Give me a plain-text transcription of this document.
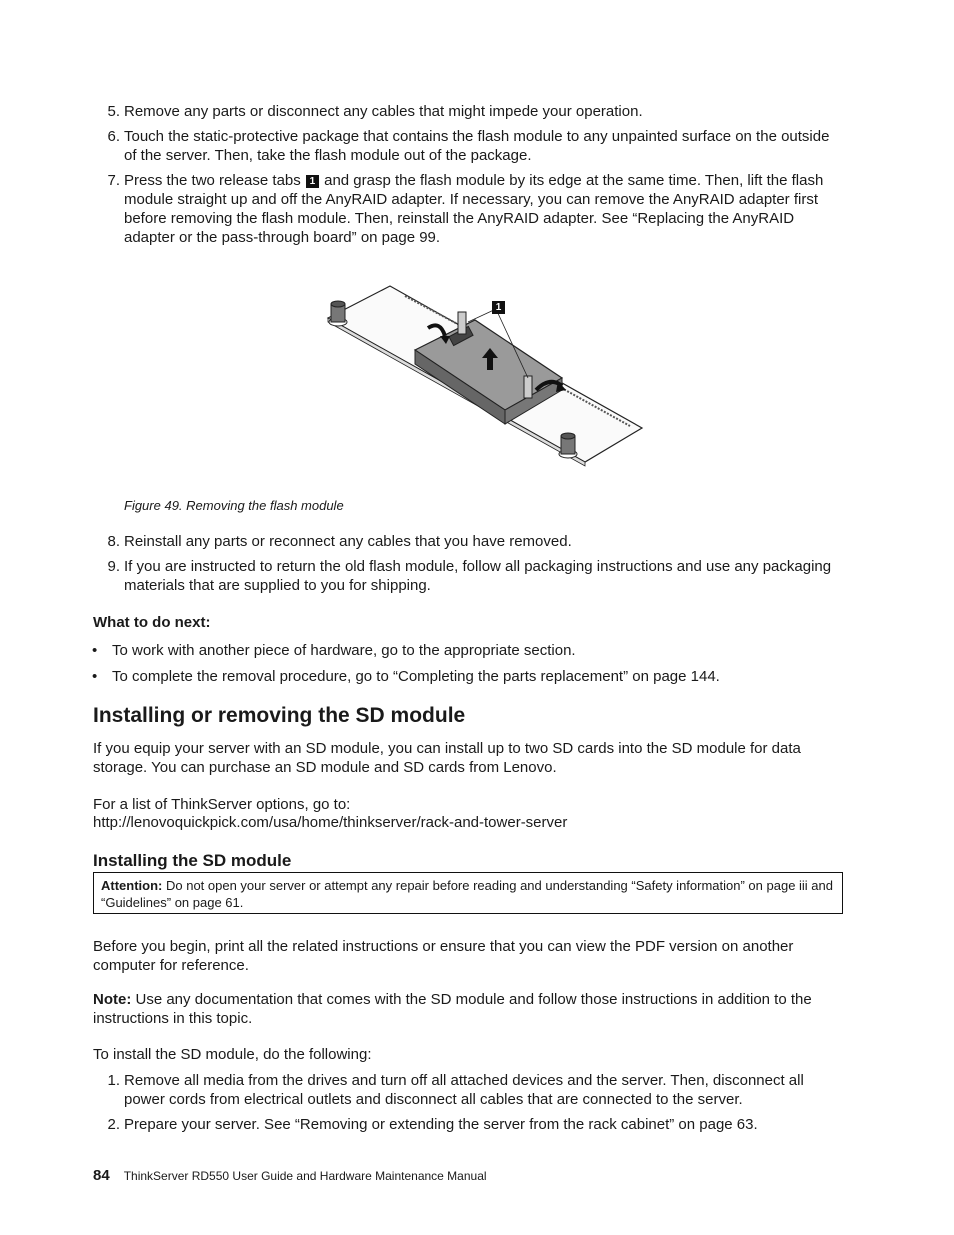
5. Remove any parts or disconnect any cables that might impede your operation.
6. Touch the static-protective package that contains the flash module to any unpainted surface on the outside of the server. Then, take the flash module out of the package.
7. Press the two release tabs 1 and grasp the flash module by its edge at the same time. Then, lift the flash module straight up and off the AnyRAID adapter. If necessary, you can remove the AnyRAID adapter first before removing the flash module. Then, reinstall the AnyRAID adapter. See “Replacing the AnyRAID adapter or the pass-through board” on page 99.
1
Figure 49. Removing the flash module
8. Reinstall any parts or reconnect any cables that you have removed.
9. If you are instructed to return the old flash module, follow all packaging instructions and use any packaging materials that are supplied to you for shipping.
What to do next:
• To work with another piece of hardware, go to the appropriate section.
• To complete the removal procedure, go to “Completing the parts replacement” on page 144.
Installing or removing the SD module
If you equip your server with an SD module, you can install up to two SD cards into the SD module for data storage. You can purchase an SD module and SD cards from Lenovo.
For a list of ThinkServer options, go to:
http://lenovoquickpick.com/usa/home/thinkserver/rack-and-tower-server
Installing the SD module
Attention: Do not open your server or attempt any repair before reading and understanding “Safety information” on page iii and “Guidelines” on page 61.
Before you begin, print all the related instructions or ensure that you can view the PDF version on another computer for reference.
Note: Use any documentation that comes with the SD module and follow those instructions in addition to the instructions in this topic.
To install the SD module, do the following:
1. Remove all media from the drives and turn off all attached devices and the server. Then, disconnect all power cords from electrical outlets and disconnect all cables that are connected to the server.
2. Prepare your server. See “Removing or extending the server from the rack cabinet” on page 63.
84 ThinkServer RD550 User Guide and Hardware Maintenance Manual
